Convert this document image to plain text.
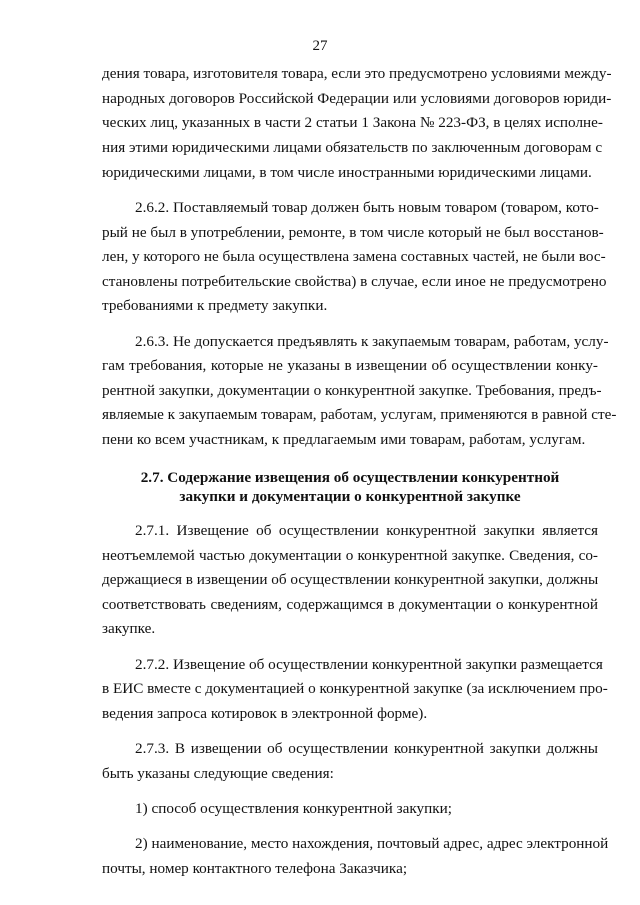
27
дения товара, изготовителя товара, если это предусмотрено условиями между-
народных договоров Российской Федерации или условиями договоров юриди-
ческих лиц, указанных в части 2 статьи 1 Закона № 223-ФЗ, в целях исполне-
ния этими юридическими лицами обязательств по заключенным договорам с
юридическими лицами, в том числе иностранными юридическими лицами.
2.6.2. Поставляемый товар должен быть новым товаром (товаром, кото-
рый не был в употреблении, ремонте, в том числе который не был восстанов-
лен, у которого не была осуществлена замена составных частей, не были вос-
становлены потребительские свойства) в случае, если иное не предусмотрено
требованиями к предмету закупки.
2.6.3. Не допускается предъявлять к закупаемым товарам, работам, услу-
гам требования, которые не указаны в извещении об осуществлении конку-
рентной закупки, документации о конкурентной закупке. Требования, предъ-
являемые к закупаемым товарам, работам, услугам, применяются в равной сте-
пени ко всем участникам, к предлагаемым ими товарам, работам, услугам.
2.7. Содержание извещения об осуществлении конкурентной
закупки и документации о конкурентной закупке
2.7.1. Извещение об осуществлении конкурентной закупки является
неотъемлемой частью документации о конкурентной закупке. Сведения, со-
держащиеся в извещении об осуществлении конкурентной закупки, должны
соответствовать сведениям, содержащимся в документации о конкурентной
закупке.
2.7.2. Извещение об осуществлении конкурентной закупки размещается
в ЕИС вместе с документацией о конкурентной закупке (за исключением про-
ведения запроса котировок в электронной форме).
2.7.3. В извещении об осуществлении конкурентной закупки должны
быть указаны следующие сведения:
1) способ осуществления конкурентной закупки;
2) наименование, место нахождения, почтовый адрес, адрес электронной
почты, номер контактного телефона Заказчика;
